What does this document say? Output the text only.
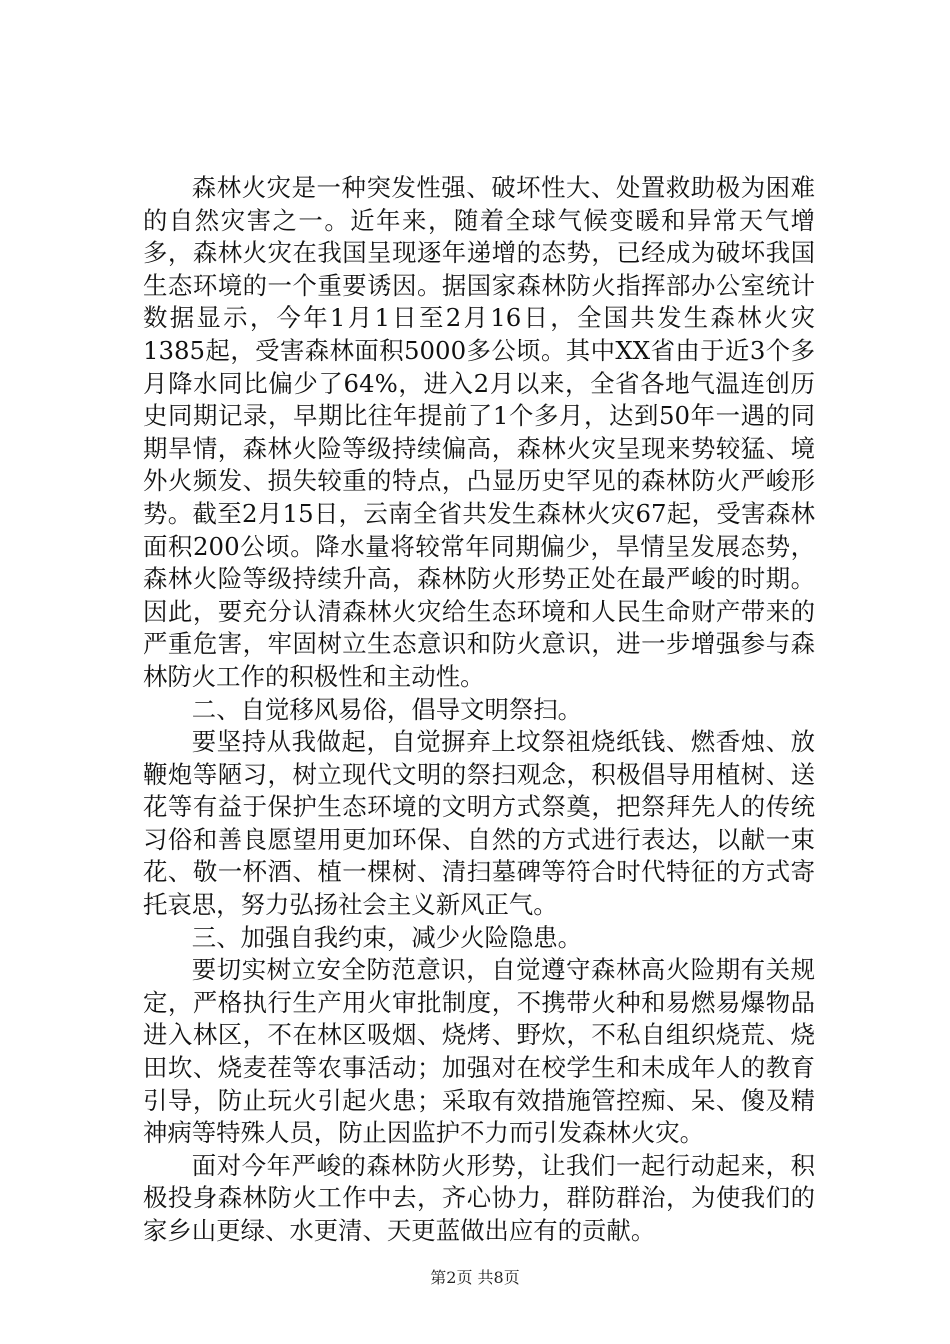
森林火灾是一种突发性强、破坏性大、处置救助极为困难的自然灾害之一。近年来，随着全球气候变暖和异常天气增多，森林火灾在我国呈现逐年递增的态势，已经成为破坏我国生态环境的一个重要诱因。据国家森林防火指挥部办公室统计数据显示，今年1月1日至2月16日，全国共发生森林火灾1385起，受害森林面积5000多公顷。其中XX省由于近3个多月降水同比偏少了64%，进入2月以来，全省各地气温连创历史同期记录，早期比往年提前了1个多月，达到50年一遇的同期旱情，森林火险等级持续偏高，森林火灾呈现来势较猛、境外火频发、损失较重的特点，凸显历史罕见的森林防火严峻形势。截至2月15日，云南全省共发生森林火灾67起，受害森林面积200公顷。降水量将较常年同期偏少，旱情呈发展态势，森林火险等级持续升高，森林防火形势正处在最严峻的时期。因此，要充分认清森林火灾给生态环境和人民生命财产带来的严重危害，牢固树立生态意识和防火意识，进一步增强参与森林防火工作的积极性和主动性。

二、自觉移风易俗，倡导文明祭扫。

要坚持从我做起，自觉摒弃上坟祭祖烧纸钱、燃香烛、放鞭炮等陋习，树立现代文明的祭扫观念，积极倡导用植树、送花等有益于保护生态环境的文明方式祭奠，把祭拜先人的传统习俗和善良愿望用更加环保、自然的方式进行表达，以献一束花、敬一杯酒、植一棵树、清扫墓碑等符合时代特征的方式寄托哀思，努力弘扬社会主义新风正气。

三、加强自我约束，减少火险隐患。

要切实树立安全防范意识，自觉遵守森林高火险期有关规定，严格执行生产用火审批制度，不携带火种和易燃易爆物品进入林区，不在林区吸烟、烧烤、野炊，不私自组织烧荒、烧田坎、烧麦茬等农事活动；加强对在校学生和未成年人的教育引导，防止玩火引起火患；采取有效措施管控痴、呆、傻及精神病等特殊人员，防止因监护不力而引发森林火灾。

面对今年严峻的森林防火形势，让我们一起行动起来，积极投身森林防火工作中去，齐心协力，群防群治，为使我们的家乡山更绿、水更清、天更蓝做出应有的贡献。

第2页 共8页
